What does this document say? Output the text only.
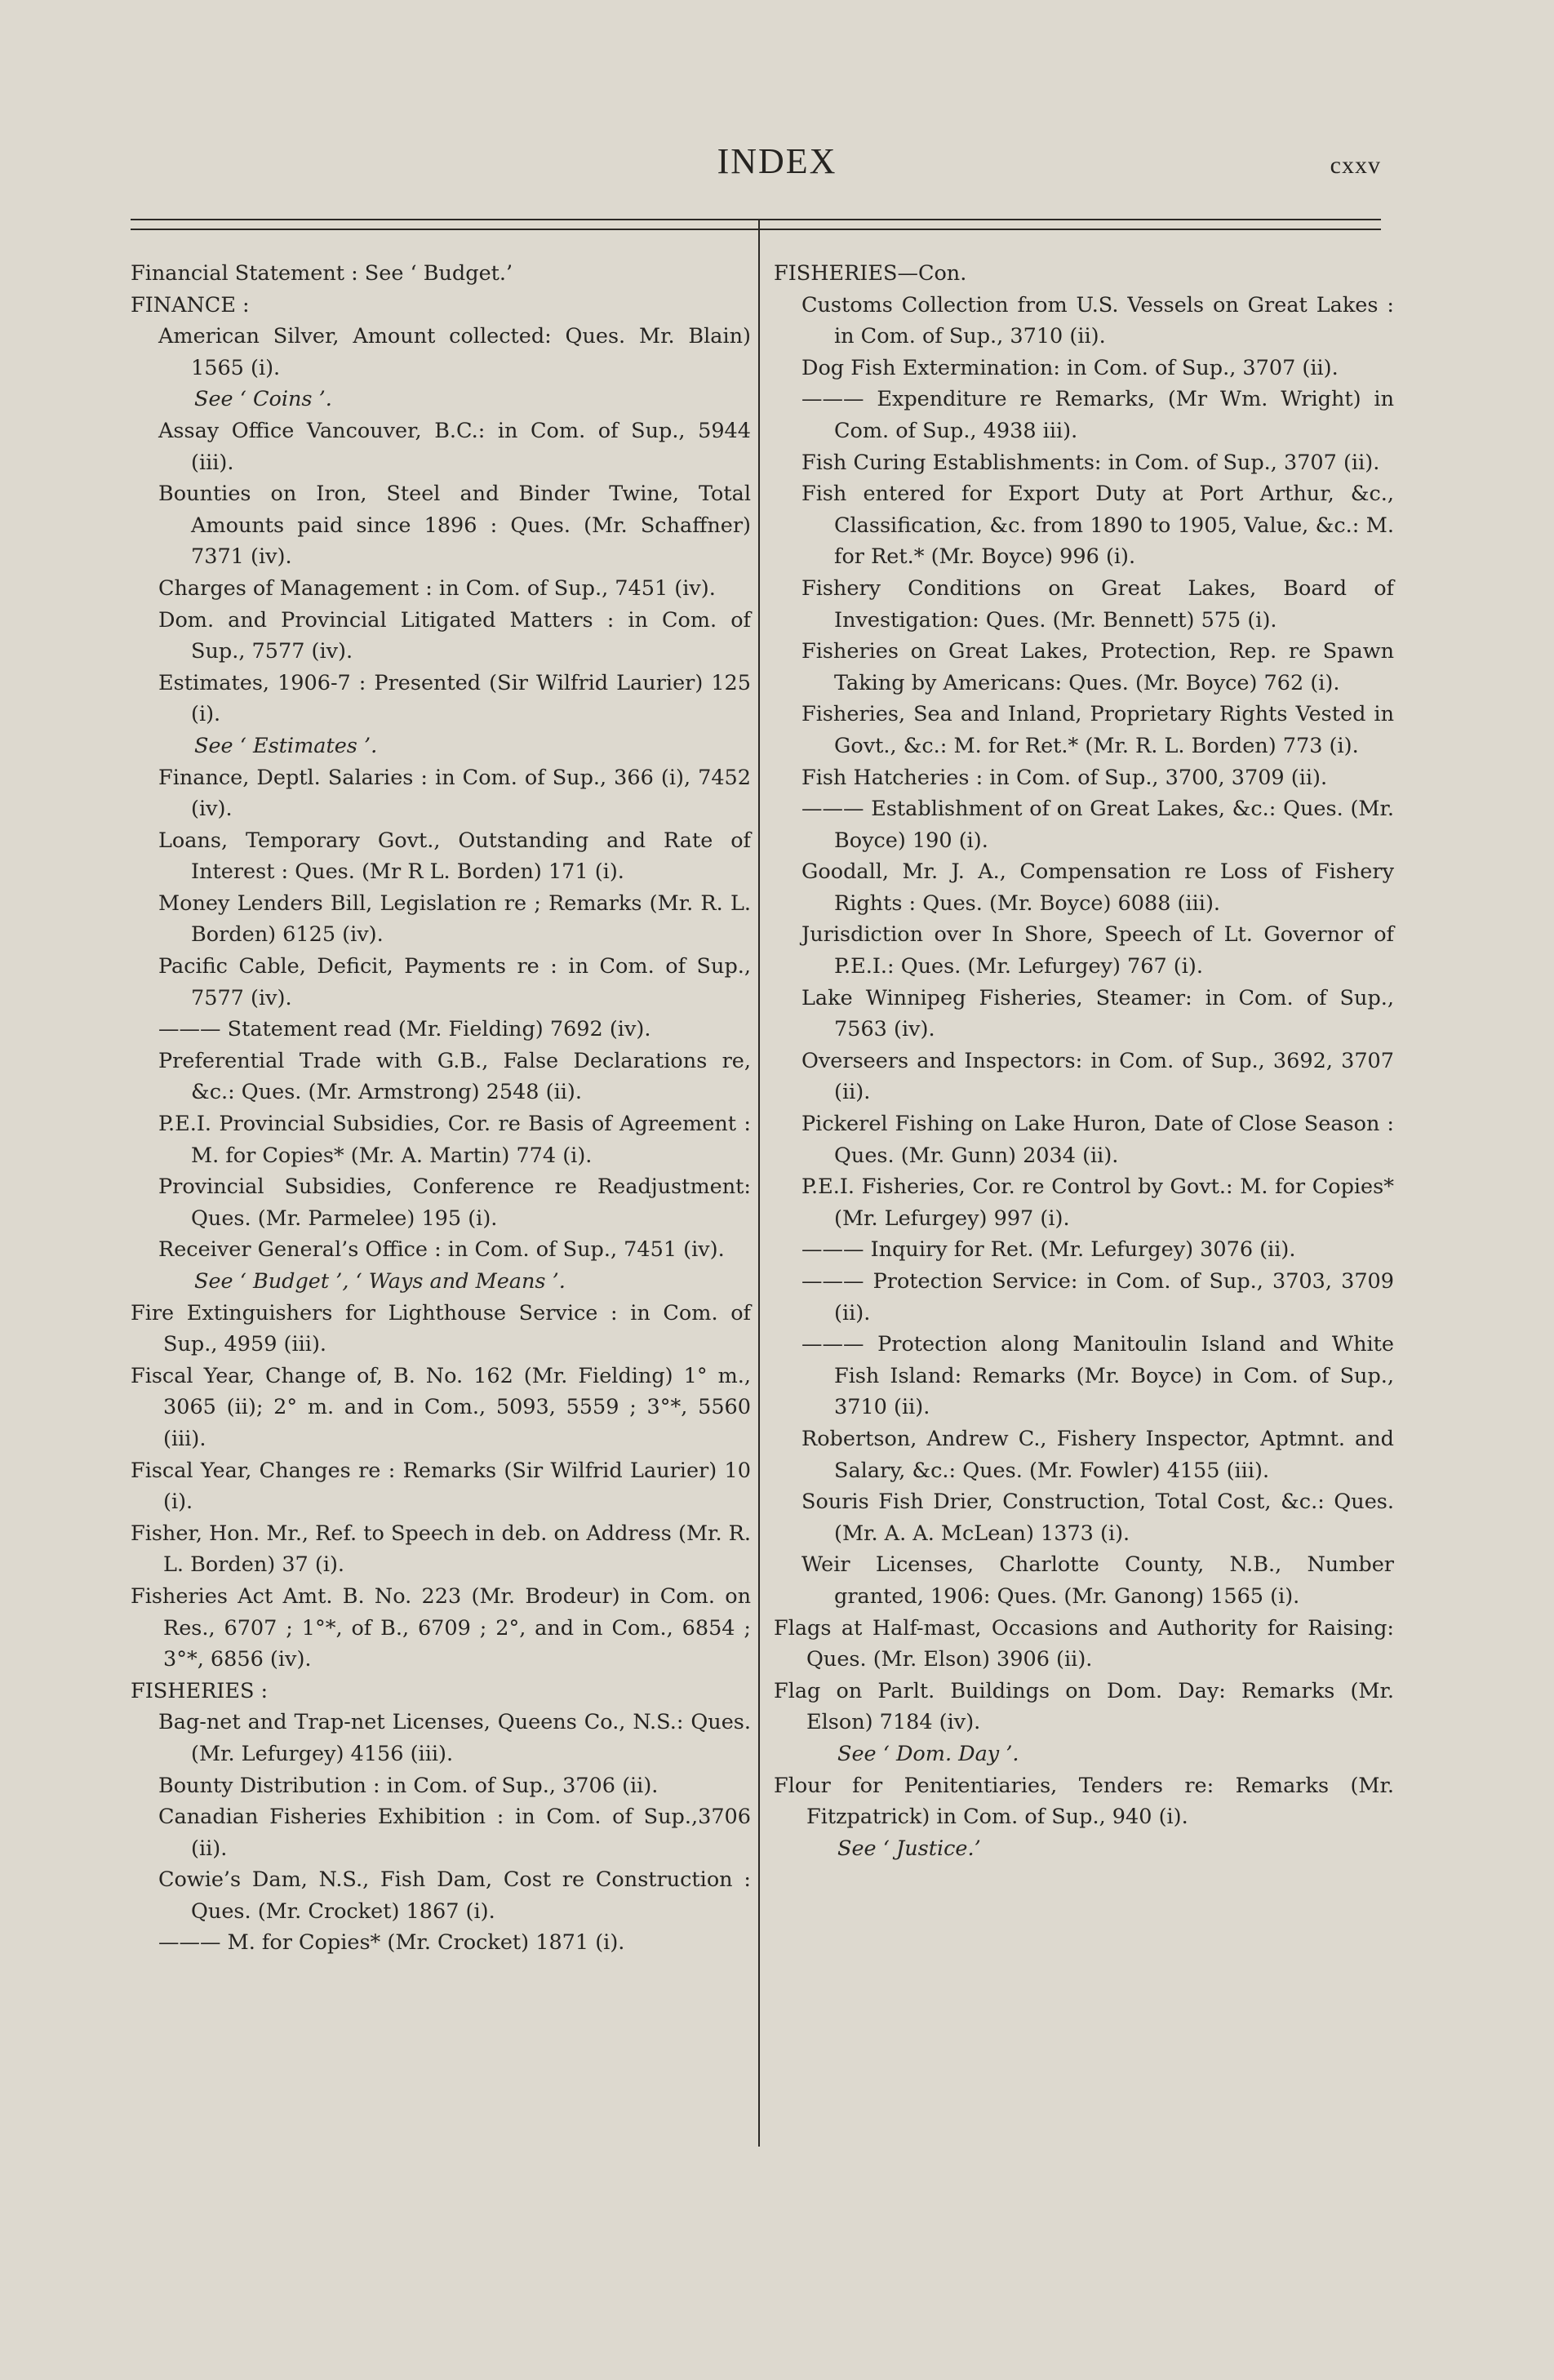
INDEX	cxxv

Financial Statement : See ‘ Budget.’

FINANCE :

American Silver, Amount collected: Ques. Mr. Blain) 1565 (i).

See ‘ Coins ’.

Assay Office Vancouver, B.C.: in Com. of Sup., 5944 (iii).

Bounties on Iron, Steel and Binder Twine, Total Amounts paid since 1896 : Ques. (Mr. Schaffner) 7371 (iv).

Charges of Management : in Com. of Sup., 7451 (iv).

Dom. and Provincial Litigated Matters : in Com. of Sup., 7577 (iv).

Estimates, 1906-7 : Presented (Sir Wilfrid Laurier) 125 (i).

See ‘ Estimates ’.

Finance, Deptl. Salaries : in Com. of Sup., 366 (i), 7452 (iv).

Loans, Temporary Govt., Outstanding and Rate of Interest : Ques. (Mr R L. Borden) 171 (i).

Money Lenders Bill, Legislation re ; Remarks (Mr. R. L. Borden) 6125 (iv).

Pacific Cable, Deficit, Payments re : in Com. of Sup., 7577 (iv).

——— Statement read (Mr. Fielding) 7692 (iv).

Preferential Trade with G.B., False Declarations re, &c.: Ques. (Mr. Armstrong) 2548 (ii).

P.E.I. Provincial Subsidies, Cor. re Basis of Agreement : M. for Copies* (Mr. A. Martin) 774 (i).

Provincial Subsidies, Conference re Readjustment: Ques. (Mr. Parmelee) 195 (i).

Receiver General’s Office : in Com. of Sup., 7451 (iv).

See ‘ Budget ’, ‘ Ways and Means ’.

Fire Extinguishers for Lighthouse Service : in Com. of Sup., 4959 (iii).

Fiscal Year, Change of, B. No. 162 (Mr. Fielding) 1° m., 3065 (ii); 2° m. and in Com., 5093, 5559 ; 3°*, 5560 (iii).

Fiscal Year, Changes re : Remarks (Sir Wilfrid Laurier) 10 (i).

Fisher, Hon. Mr., Ref. to Speech in deb. on Address (Mr. R. L. Borden) 37 (i).

Fisheries Act Amt. B. No. 223 (Mr. Brodeur) in Com. on Res., 6707 ; 1°*, of B., 6709 ; 2°, and in Com., 6854 ; 3°*, 6856 (iv).

FISHERIES :

Bag-net and Trap-net Licenses, Queens Co., N.S.: Ques. (Mr. Lefurgey) 4156 (iii).

Bounty Distribution : in Com. of Sup., 3706 (ii).

Canadian Fisheries Exhibition : in Com. of Sup.,3706 (ii).

Cowie’s Dam, N.S., Fish Dam, Cost re Construction : Ques. (Mr. Crocket) 1867 (i).

——— M. for Copies* (Mr. Crocket) 1871 (i).

FISHERIES—Con.

Customs Collection from U.S. Vessels on Great Lakes : in Com. of Sup., 3710 (ii).

Dog Fish Extermination: in Com. of Sup., 3707 (ii).

——— Expenditure re Remarks, (Mr Wm. Wright) in Com. of Sup., 4938 iii).

Fish Curing Establishments: in Com. of Sup., 3707 (ii).

Fish entered for Export Duty at Port Arthur, &c., Classification, &c. from 1890 to 1905, Value, &c.: M. for Ret.* (Mr. Boyce) 996 (i).

Fishery Conditions on Great Lakes, Board of Investigation: Ques. (Mr. Bennett) 575 (i).

Fisheries on Great Lakes, Protection, Rep. re Spawn Taking by Americans: Ques. (Mr. Boyce) 762 (i).

Fisheries, Sea and Inland, Proprietary Rights Vested in Govt., &c.: M. for Ret.* (Mr. R. L. Borden) 773 (i).

Fish Hatcheries : in Com. of Sup., 3700, 3709 (ii).

——— Establishment of on Great Lakes, &c.: Ques. (Mr. Boyce) 190 (i).

Goodall, Mr. J. A., Compensation re Loss of Fishery Rights : Ques. (Mr. Boyce) 6088 (iii).

Jurisdiction over In Shore, Speech of Lt. Governor of P.E.I.: Ques. (Mr. Lefurgey) 767 (i).

Lake Winnipeg Fisheries, Steamer: in Com. of Sup., 7563 (iv).

Overseers and Inspectors: in Com. of Sup., 3692, 3707 (ii).

Pickerel Fishing on Lake Huron, Date of Close Season : Ques. (Mr. Gunn) 2034 (ii).

P.E.I. Fisheries, Cor. re Control by Govt.: M. for Copies* (Mr. Lefurgey) 997 (i).

——— Inquiry for Ret. (Mr. Lefurgey) 3076 (ii).

——— Protection Service: in Com. of Sup., 3703, 3709 (ii).

——— Protection along Manitoulin Island and White Fish Island: Remarks (Mr. Boyce) in Com. of Sup., 3710 (ii).

Robertson, Andrew C., Fishery Inspector, Aptmnt. and Salary, &c.: Ques. (Mr. Fowler) 4155 (iii).

Souris Fish Drier, Construction, Total Cost, &c.: Ques. (Mr. A. A. McLean) 1373 (i).

Weir Licenses, Charlotte County, N.B., Number granted, 1906: Ques. (Mr. Ganong) 1565 (i).

Flags at Half-mast, Occasions and Authority for Raising: Ques. (Mr. Elson) 3906 (ii).

Flag on Parlt. Buildings on Dom. Day: Remarks (Mr. Elson) 7184 (iv).

See ‘ Dom. Day ’.

Flour for Penitentiaries, Tenders re: Remarks (Mr. Fitzpatrick) in Com. of Sup., 940 (i).

See ‘ Justice.’
